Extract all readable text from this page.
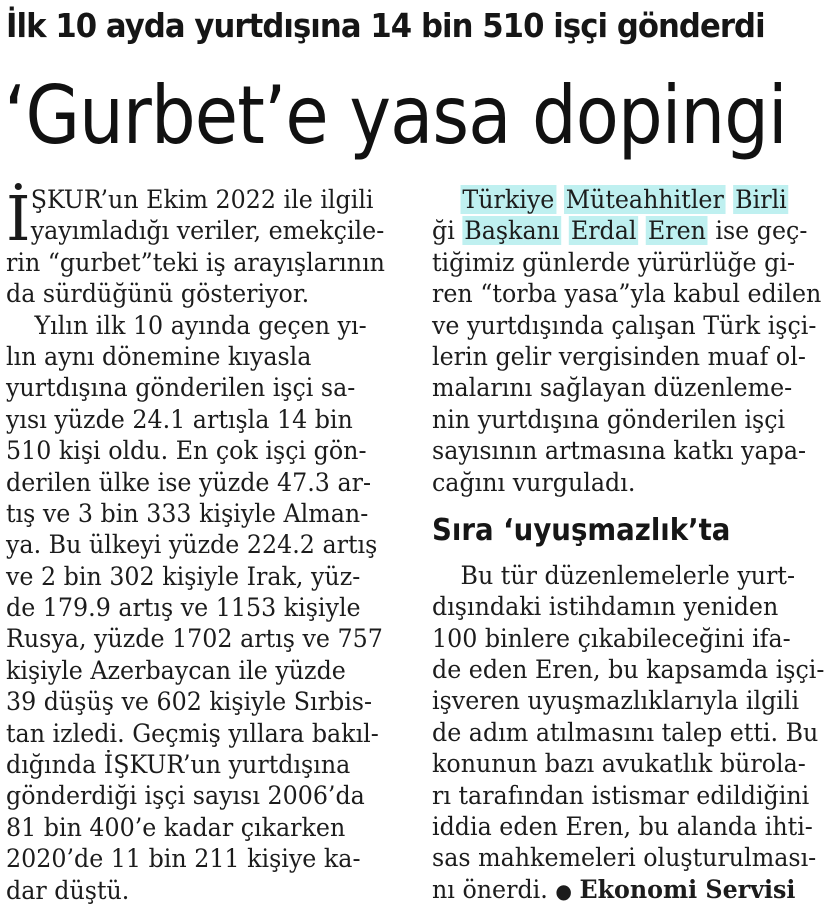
İlk 10 ayda yurtdışına 14 bin 510 işçi gönderdi
‘Gurbet’e yasa dopingi
İ ŞKUR’un Ekim 2022 ile ilgili
yayımladığı veriler, emekçile-
rin “gurbet”teki iş arayışlarının
da sürdüğünü gösteriyor.
Yılın ilk 10 ayında geçen yı-
lın aynı dönemine kıyasla
yurtdışına gönderilen işçi sa-
yısı yüzde 24.1 artışla 14 bin
510 kişi oldu. En çok işçi gön-
derilen ülke ise yüzde 47.3 ar-
tış ve 3 bin 333 kişiyle Alman-
ya. Bu ülkeyi yüzde 224.2 artış
ve 2 bin 302 kişiyle Irak, yüz-
de 179.9 artış ve 1153 kişiyle
Rusya, yüzde 1702 artış ve 757
kişiyle Azerbaycan ile yüzde
39 düşüş ve 602 kişiyle Sırbis-
tan izledi. Geçmiş yıllara bakıl-
dığında İŞKUR’un yurtdışına
gönderdiği işçi sayısı 2006’da
81 bin 400’e kadar çıkarken
2020’de 11 bin 211 kişiye ka-
dar düştü.
Türkiye Müteahhitler Birli
ği Başkanı Erdal Eren ise geç-
tiğimiz günlerde yürürlüğe gi-
ren “torba yasa”yla kabul edilen
ve yurtdışında çalışan Türk işçi-
lerin gelir vergisinden muaf ol-
malarını sağlayan düzenleme-
nin yurtdışına gönderilen işçi
sayısının artmasına katkı yapa-
cağını vurguladı.
Sıra ‘uyuşmazlık’ta
Bu tür düzenlemelerle yurt-
dışındaki istihdamın yeniden
100 binlere çıkabileceğini ifa-
de eden Eren, bu kapsamda işçi-
işveren uyuşmazlıklarıyla ilgili
de adım atılmasını talep etti. Bu
konunun bazı avukatlık bürola-
rı tarafından istismar edildiğini
iddia eden Eren, bu alanda ihti-
sas mahkemeleri oluşturulması-
nı önerdi. ● Ekonomi Servisi
